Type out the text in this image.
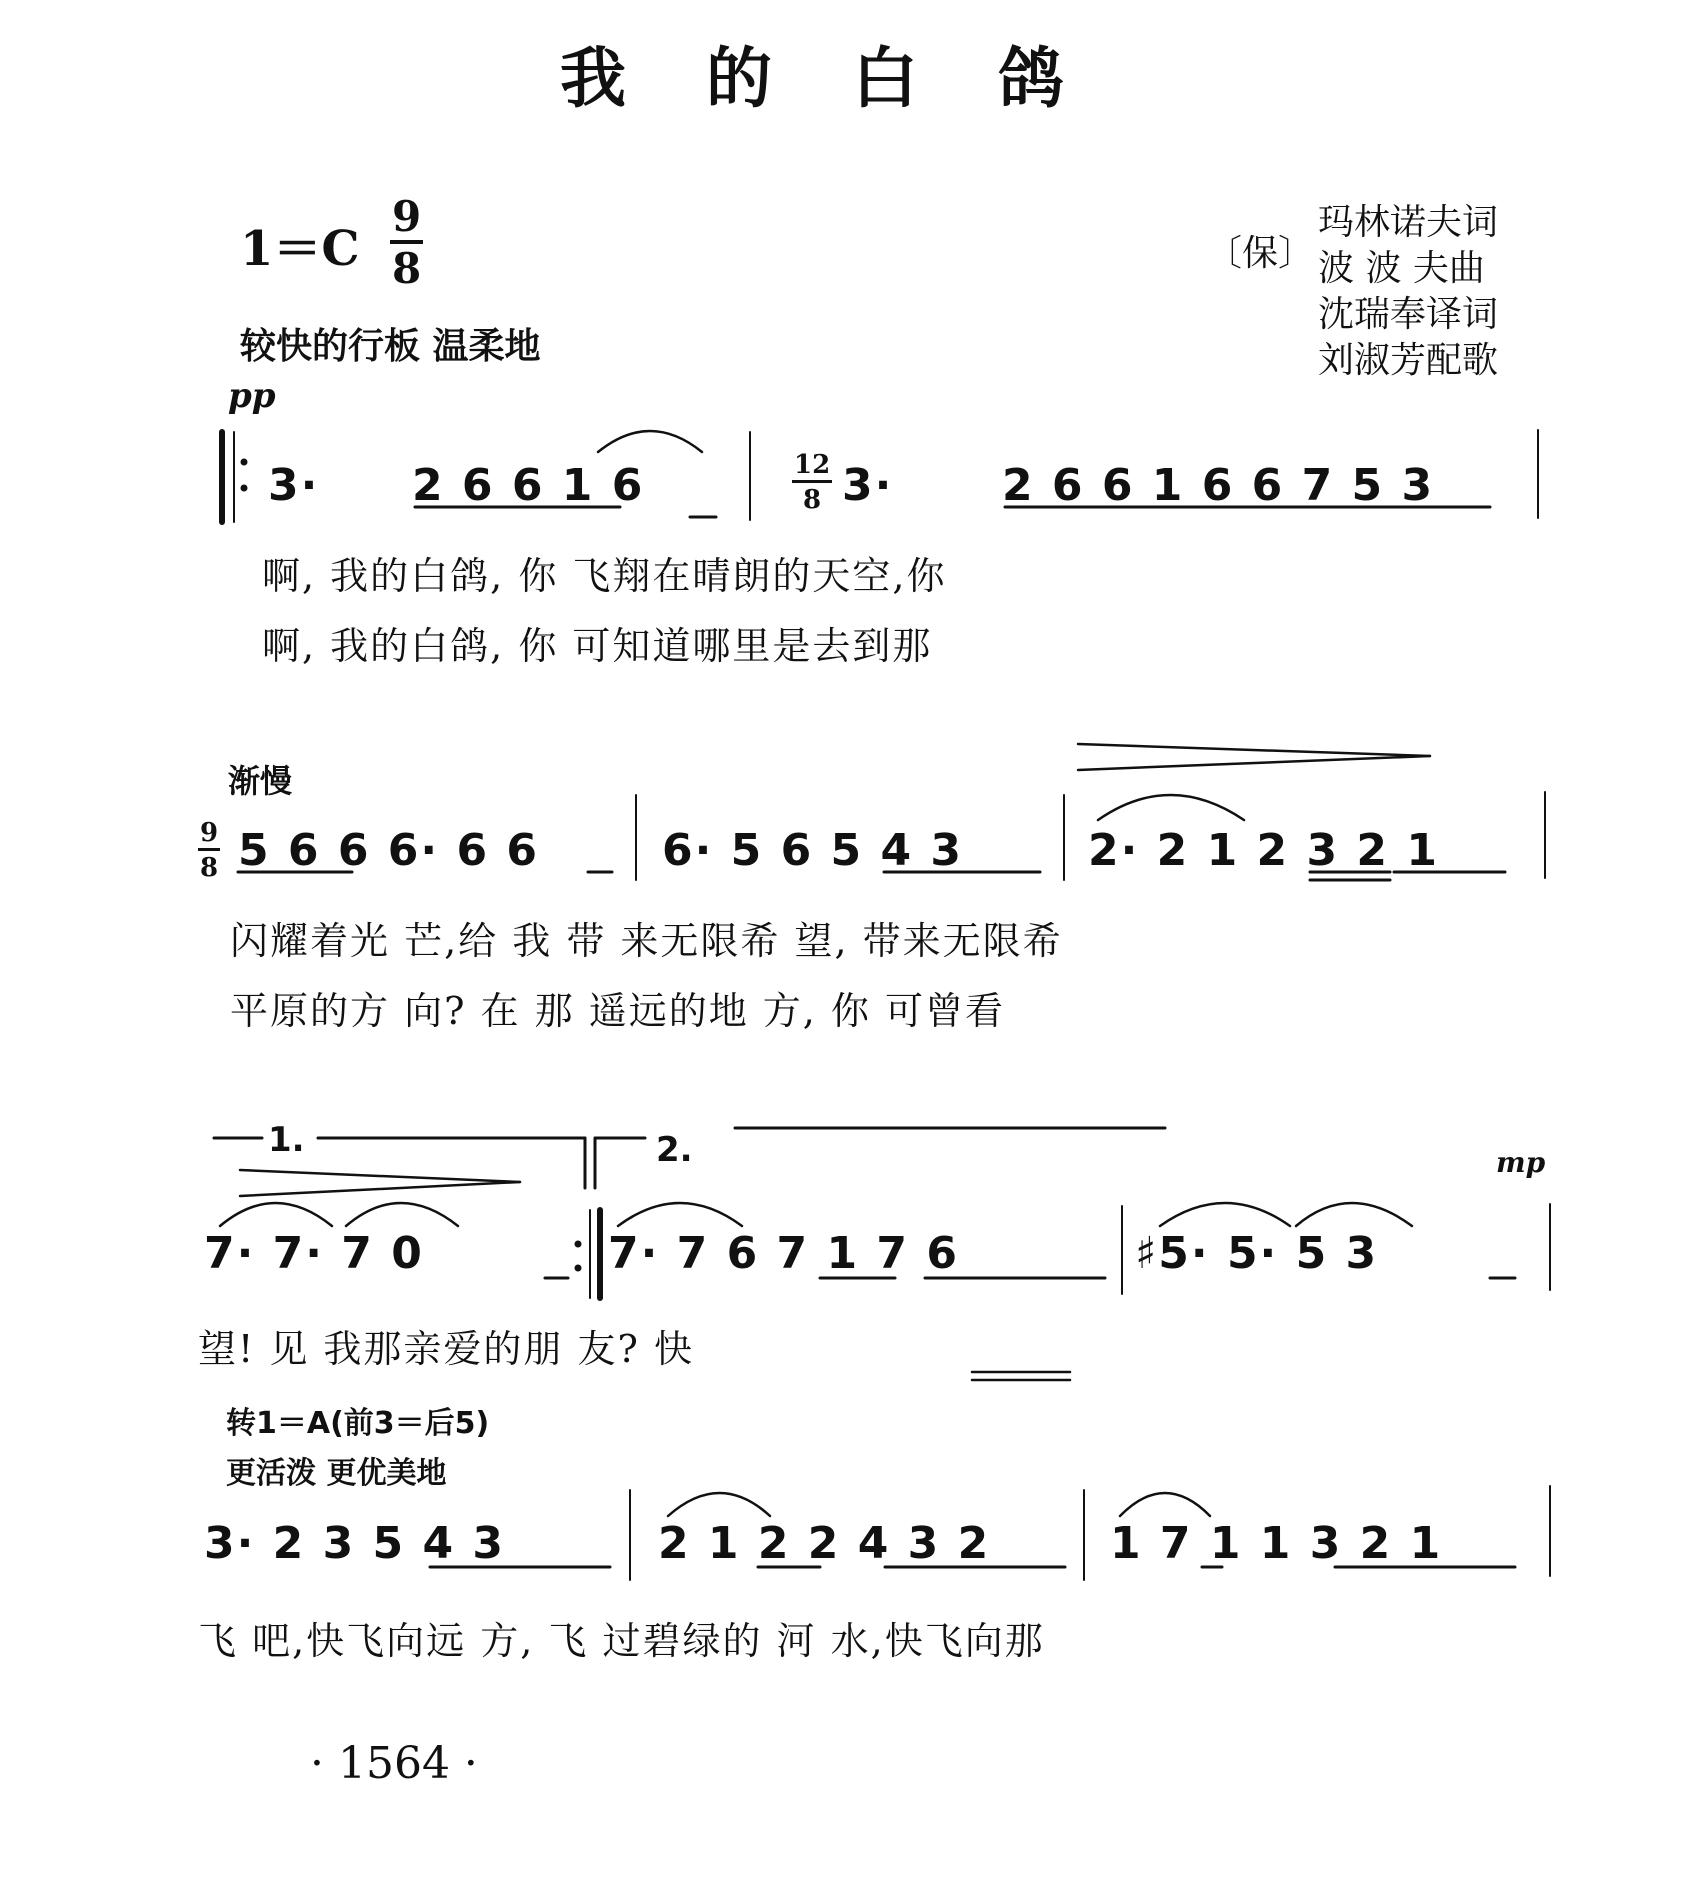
我的白鸽
$1=C \frac{9}{8}$
较快的行板 温柔地
pp
〔保〕
玛林诺夫词
波 波 夫曲
沈瑞奉译词
刘淑芳配歌
3· 2 6 6 1 6	$\frac{12}{8} 3\cdot 2$ 6 6 1 6 6 7 5 3
啊, 我的白鸽, 你 飞翔在晴朗的天空,你
啊, 我的白鸽, 你 可知道哪里是去到那
渐慢
$\frac{9}{8} 5$ 6 6 6· 6 6	6· 5 6 5 4 3	2· 2 1 2 3 2 1
闪耀着光 芒,给 我 带 来无限希 望, 带来无限希
平原的方 向? 在 那 遥远的地 方, 你 可曾看
1.	2.	mp
7· 7· 7 0	7· 7 6 7 1 7 6	♯5· 5· 5 3
望! 见 我那亲爱的朋 友? 快
转1＝A(前3＝后5)
更活泼 更优美地
3· 2 3 5 4 3	2 1 2 2 4 3 2	1 7 1 1 3 2 1
飞 吧,快飞向远 方, 飞 过碧绿的 河 水,快飞向那
· 1564 ·
